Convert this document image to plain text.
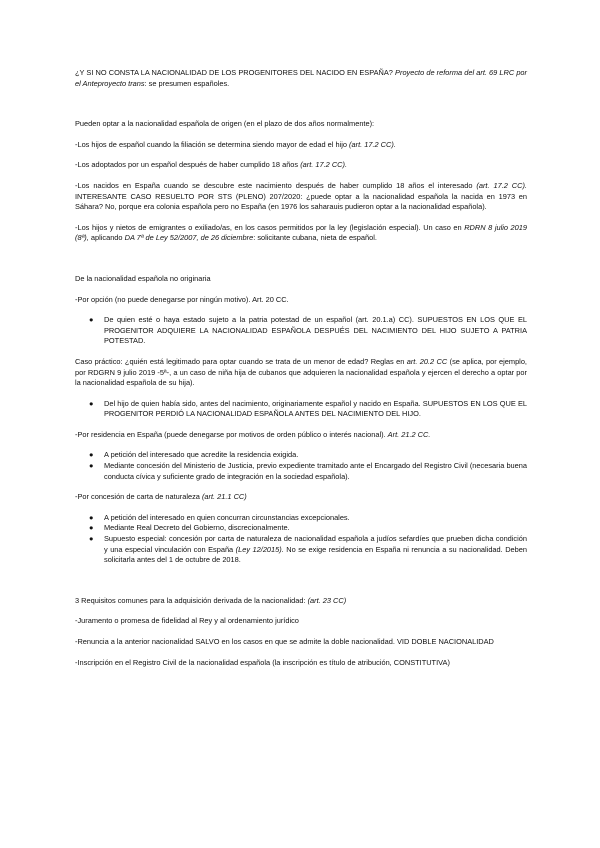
¿Y SI NO CONSTA LA NACIONALIDAD DE LOS PROGENITORES DEL NACIDO EN ESPAÑA? Proyecto de reforma del art. 69 LRC por el Anteproyecto trans: se presumen españoles.

Pueden optar a la nacionalidad española de origen (en el plazo de dos años normalmente):

-Los hijos de español cuando la filiación se determina siendo mayor de edad el hijo (art. 17.2 CC).

-Los adoptados por un español después de haber cumplido 18 años (art. 17.2 CC).

-Los nacidos en España cuando se descubre este nacimiento después de haber cumplido 18 años el interesado (art. 17.2 CC). INTERESANTE CASO RESUELTO POR STS (PLENO) 207/2020: ¿puede optar a la nacionalidad española la nacida en 1973 en Sáhara? No, porque era colonia española pero no España (en 1976 los saharauis pudieron optar a la nacionalidad española).

-Los hijos y nietos de emigrantes o exiliado/as, en los casos permitidos por la ley (legislación especial). Un caso en RDRN 8 julio 2019 (8ª), aplicando DA 7ª de Ley 52/2007, de 26 diciembre: solicitante cubana, nieta de español.

De la nacionalidad española no originaria

-Por opción (no puede denegarse por ningún motivo). Art. 20 CC.

● De quien esté o haya estado sujeto a la patria potestad de un español (art. 20.1.a) CC). SUPUESTOS EN LOS QUE EL PROGENITOR ADQUIERE LA NACIONALIDAD ESPAÑOLA DESPUÉS DEL NACIMIENTO DEL HIJO SUJETO A PATRIA POTESTAD.

Caso práctico: ¿quién está legitimado para optar cuando se trata de un menor de edad? Reglas en art. 20.2 CC (se aplica, por ejemplo, por RDGRN 9 julio 2019 -5ª-, a un caso de niña hija de cubanos que adquieren la nacionalidad española y ejercen el derecho a optar por la nacionalidad española de su hija).

● Del hijo de quien había sido, antes del nacimiento, originariamente español y nacido en España. SUPUESTOS EN LOS QUE EL PROGENITOR PERDIÓ LA NACIONALIDAD ESPAÑOLA ANTES DEL NACIMIENTO DEL HIJO.

-Por residencia en España (puede denegarse por motivos de orden público o interés nacional). Art. 21.2 CC.

● A petición del interesado que acredite la residencia exigida.
● Mediante concesión del Ministerio de Justicia, previo expediente tramitado ante el Encargado del Registro Civil (necesaria buena conducta cívica y suficiente grado de integración en la sociedad española).

-Por concesión de carta de naturaleza (art. 21.1 CC)

● A petición del interesado en quien concurran circunstancias excepcionales.
● Mediante Real Decreto del Gobierno, discrecionalmente.
● Supuesto especial: concesión por carta de naturaleza de nacionalidad española a judíos sefardíes que prueben dicha condición y una especial vinculación con España (Ley 12/2015). No se exige residencia en España ni renuncia a su nacionalidad. Deben solicitarla antes del 1 de octubre de 2018.

3 Requisitos comunes para la adquisición derivada de la nacionalidad: (art. 23 CC)

-Juramento o promesa de fidelidad al Rey y al ordenamiento jurídico

-Renuncia a la anterior nacionalidad SALVO en los casos en que se admite la doble nacionalidad. VID DOBLE NACIONALIDAD

-Inscripción en el Registro Civil de la nacionalidad española (la inscripción es título de atribución, CONSTITUTIVA)
